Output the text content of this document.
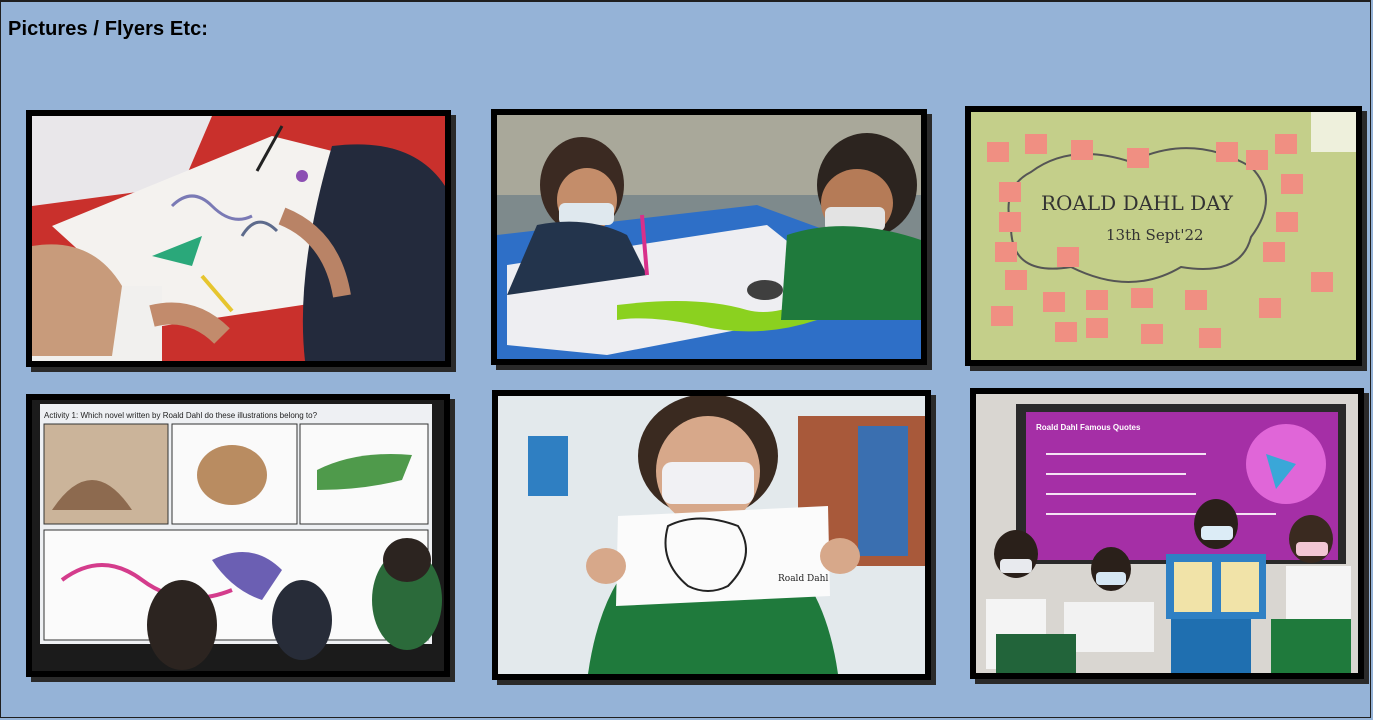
Pictures / Flyers Etc:
ROALD DAHL DAY
13th Sept'22
Activity 1: Which novel written by Roald Dahl do these illustrations belong to?
Roald Dahl
Roald Dahl Famous Quotes
